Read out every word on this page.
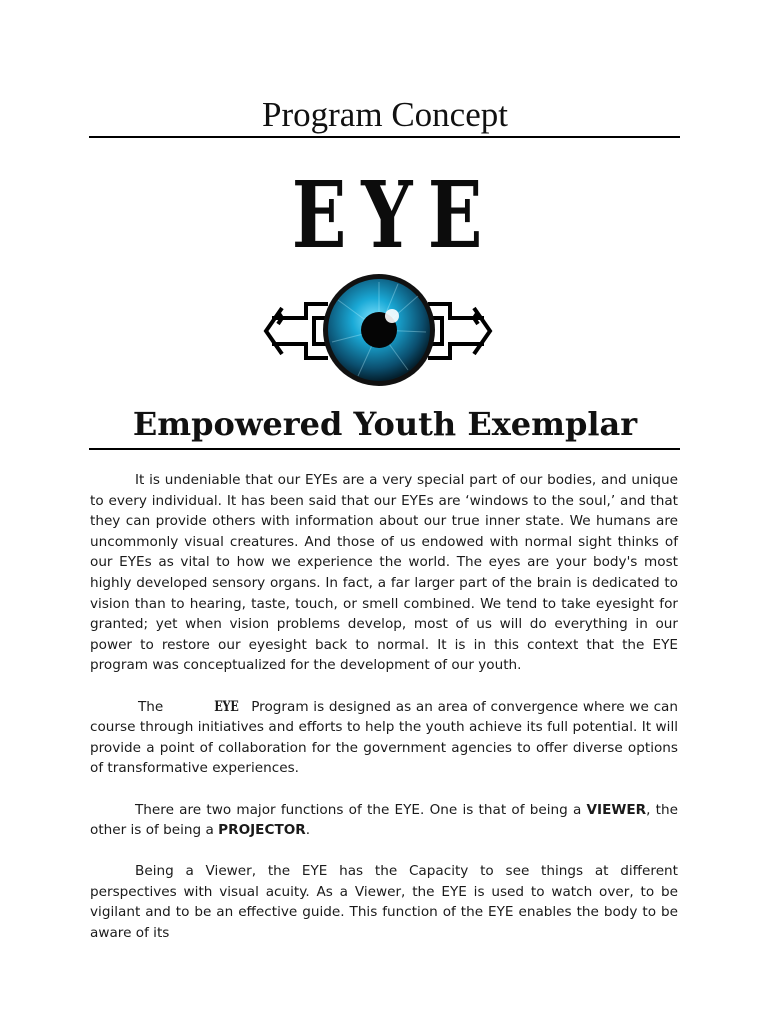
Program Concept
E Y E
Empowered Youth Exemplar

It is undeniable that our EYEs are a very special part of our bodies, and unique to every individual. It has been said that our EYEs are ‘windows to the soul,’ and that they can provide others with information about our true inner state. We humans are uncommonly visual creatures. And those of us endowed with normal sight thinks of our EYEs as vital to how we experience the world. The eyes are your body's most highly developed sensory organs. In fact, a far larger part of the brain is dedicated to vision than to hearing, taste, touch, or smell combined. We tend to take eyesight for granted; yet when vision problems develop, most of us will do everything in our power to restore our eyesight back to normal. It is in this context that the EYE program was conceptualized for the development of our youth.

The	EYE Program is designed as an area of convergence where we can course through initiatives and efforts to help the youth achieve its full potential. It will provide a point of collaboration for the government agencies to offer diverse options of transformative experiences.

There are two major functions of the EYE. One is that of being a VIEWER, the other is of being a PROJECTOR.

Being a Viewer, the EYE has the Capacity to see things at different perspectives with visual acuity. As a Viewer, the EYE is used to watch over, to be vigilant and to be an effective guide. This function of the EYE enables the body to be aware of its
